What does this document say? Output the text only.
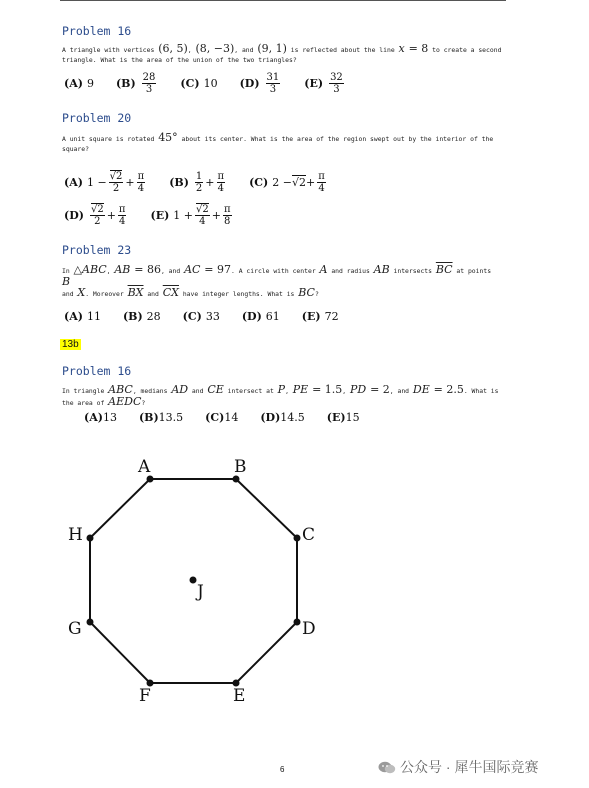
Problem 16
A triangle with vertices (6, 5), (8, −3), and (9, 1) is reflected about the line x = 8 to create a second
triangle. What is the area of the union of the two triangles?
(A) 9 $(B) \frac{28}{3} (C)$ 10 $(D) \frac{31}{3} (E) \frac{32}{3}$
Problem 20
A unit square is rotated 45° about its center. What is the area of the region swept out by the interior of the
square?
(A) $1 - \frac{√2}{2} + \frac{\pi}{4} (B) \frac{1}{2} + \frac{\pi}{4} (C) 2 - √2 + \frac{\pi}{4}$
$(D) \frac{√2}{2} + \frac{\pi}{4} (E) 1 + \frac{√2}{4} + \frac{\pi}{8}$
Problem 23
In △ABC, AB = 86, and AC = 97. A circle with center A and radius AB intersects $\overline{BC}$ at points B
and X. Moreover $\overline{BX}$ and $\overline{CX}$ have integer lengths. What is BC?
(A) 11 (B) 28 (C) 33 (D) 61 (E) 72
13b
Problem 16
In triangle ABC, medians AD and CE intersect at P, PE = 1.5, PD = 2, and DE = 2.5. What is
the area of AEDC?
(A) 13 (B) 13.5 (C) 14 (D) 14.5 (E) 15
A	B
C
D
E
F
G
H
J
6	公众号 · 犀牛国际竞赛
